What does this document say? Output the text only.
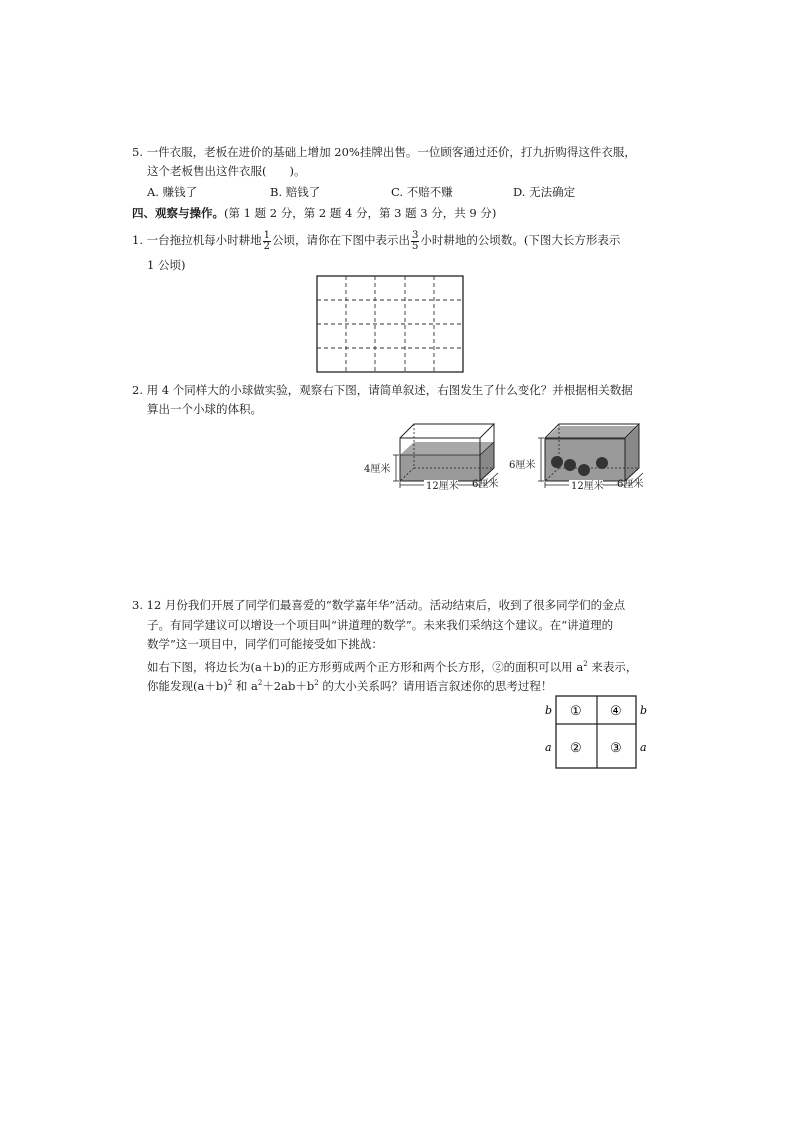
5. 一件衣服，老板在进价的基础上增加 20%挂牌出售。一位顾客通过还价，打九折购得这件衣服，
这个老板售出这件衣服(　　)。
A. 赚钱了	B. 赔钱了	C. 不赔不赚	D. 无法确定
四、观察与操作。(第 1 题 2 分，第 2 题 4 分，第 3 题 3 分，共 9 分)
1. 一台拖拉机每小时耕地 $\frac{1}{2}$ 公顷，请你在下图中表示出 $\frac{3}{5}$ 小时耕地的公顷数。(下图大长方形表示
1 公顷)
2. 用 4 个同样大的小球做实验，观察右下图，请简单叙述，右图发生了什么变化？并根据相关数据
算出一个小球的体积。
4厘米
12厘米 6厘米
6厘米
12厘米 6厘米
3. 12 月份我们开展了同学们最喜爱的“数学嘉年华”活动。活动结束后，收到了很多同学们的金点
子。有同学建议可以增设一个项目叫“讲道理的数学”。未来我们采纳这个建议。在“讲道理的
数学”这一项目中，同学们可能接受如下挑战：
如右下图，将边长为(a＋b)的正方形剪成两个正方形和两个长方形，②的面积可以用 $a^2$ 来表示，
你能发现$(a+b)^2$ 和 $a^2+2ab+b^2$ 的大小关系吗？请用语言叙述你的思考过程！
① ④
② ③
b
a
b
a
